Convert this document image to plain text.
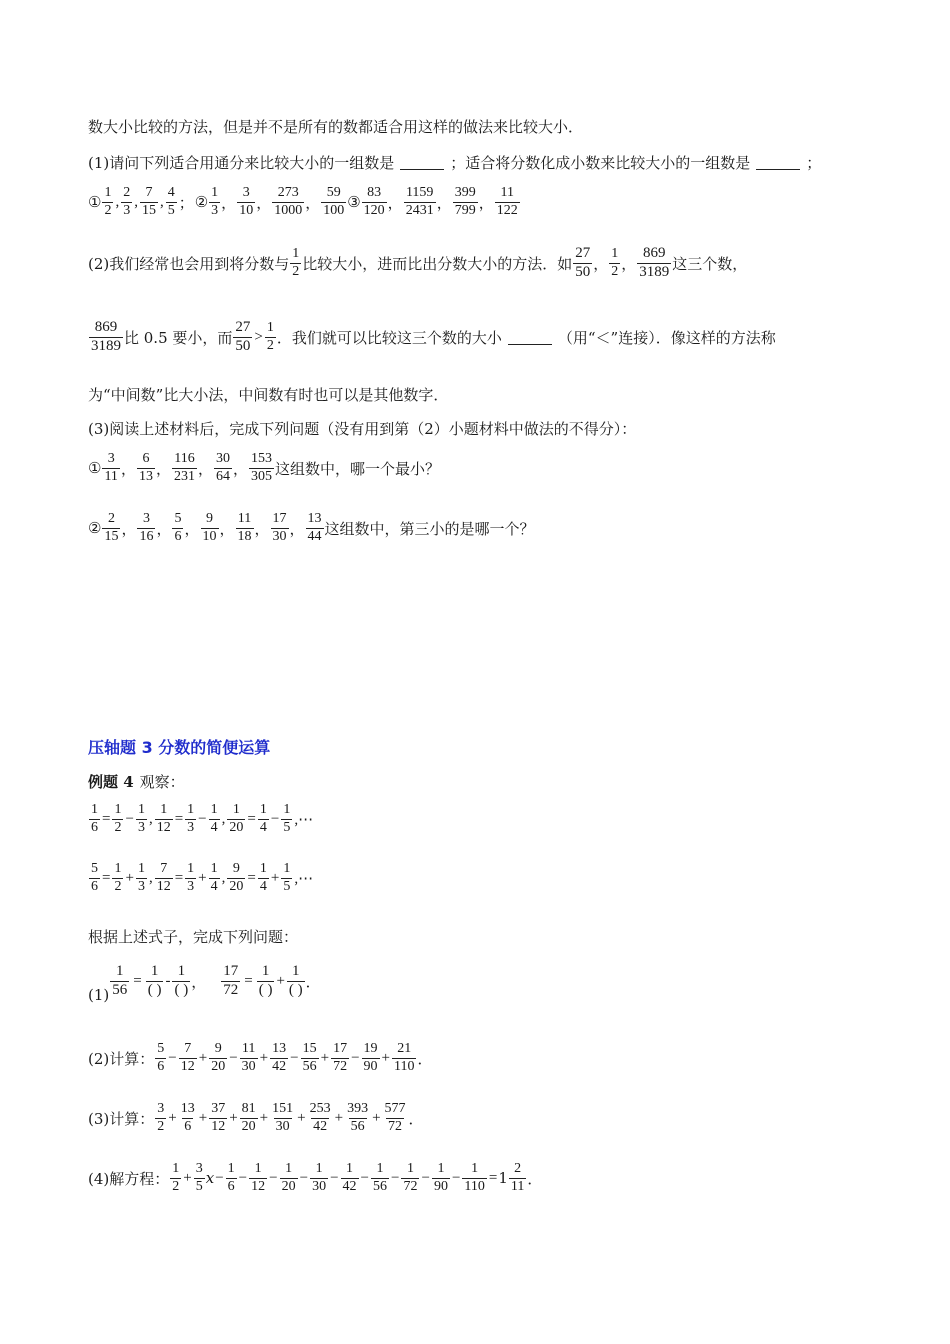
数大小比较的方法，但是并不是所有的数都适合用这样的做法来比较大小．
(1)请问下列适合用通分来比较大小的一组数是	；适合将分数化成小数来比较大小的一组数是	；
① $\frac{1}{2}$ , $\frac{2}{3}$ , $\frac{7}{15}$ , $\frac{4}{5}$ ； ② $\frac{1}{3}$ ， $\frac{3}{10}$ ， $\frac{273}{1000}$ ， $\frac{59}{100}$ ③ $\frac{83}{120}$ ， $\frac{1159}{2431}$ ， $\frac{399}{799}$ ， $\frac{11}{122}$
(2)我们经常也会用到将分数与 $\frac{1}{2}$ 比较大小，进而比出分数大小的方法．如 $\frac{27}{50}$ ， $\frac{1}{2}$ ， $\frac{869}{3189}$ 这三个数，
$\frac{869}{3189}$ 比 0.5 要小，而 $\frac{27}{50} > \frac{1}{2}$ ．我们就可以比较这三个数的大小	（用“＜”连接）．像这样的方法称
为“中间数”比大小法，中间数有时也可以是其他数字．
(3)阅读上述材料后，完成下列问题（没有用到第（2）小题材料中做法的不得分）：
① $\frac{3}{11}$ ， $\frac{6}{13}$ ， $\frac{116}{231}$ ， $\frac{30}{64}$ ， $\frac{153}{305}$ 这组数中，哪一个最小？
② $\frac{2}{15}$ ， $\frac{3}{16}$ ， $\frac{5}{6}$ ， $\frac{9}{10}$ ， $\frac{11}{18}$ ， $\frac{17}{30}$ ， $\frac{13}{44}$ 这组数中，第三小的是哪一个？
压轴题 3 分数的简便运算
例题 4 观察：
$\frac{1}{6} = \frac{1}{2} - \frac{1}{3}$ , $\frac{1}{12} = \frac{1}{3} - \frac{1}{4}$ , $\frac{1}{20} = \frac{1}{4} - \frac{1}{5}$ ,⋯
$\frac{5}{6} = \frac{1}{2} + \frac{1}{3}$ , $\frac{7}{12} = \frac{1}{3} + \frac{1}{4}$ , $\frac{9}{20} = \frac{1}{4} + \frac{1}{5}$ ,⋯
根据上述式子，完成下列问题：
$(1) \frac{1}{56} = \frac{1}{( )} - \frac{1}{( )}$ ， $\frac{17}{72} = \frac{1}{( )} + \frac{1}{( )}$ ．
(2)计算： $\frac{5}{6} - \frac{7}{12} + \frac{9}{20} - \frac{11}{30} + \frac{13}{42} - \frac{15}{56} + \frac{17}{72} - \frac{19}{90} + \frac{21}{110}$ ．
(3)计算： $\frac{3}{2} + \frac{13}{6} + \frac{37}{12} + \frac{81}{20} + \frac{151}{30} + \frac{253}{42} + \frac{393}{56} + \frac{577}{72}$ ．
(4)解方程： $\frac{1}{2} + \frac{3}{5}$ $x - \frac{1}{6} - \frac{1}{12} - \frac{1}{20} - \frac{1}{30} - \frac{1}{42} - \frac{1}{56} - \frac{1}{72} - \frac{1}{90} - \frac{1}{110} = 1 \frac{2}{11}$ ．
